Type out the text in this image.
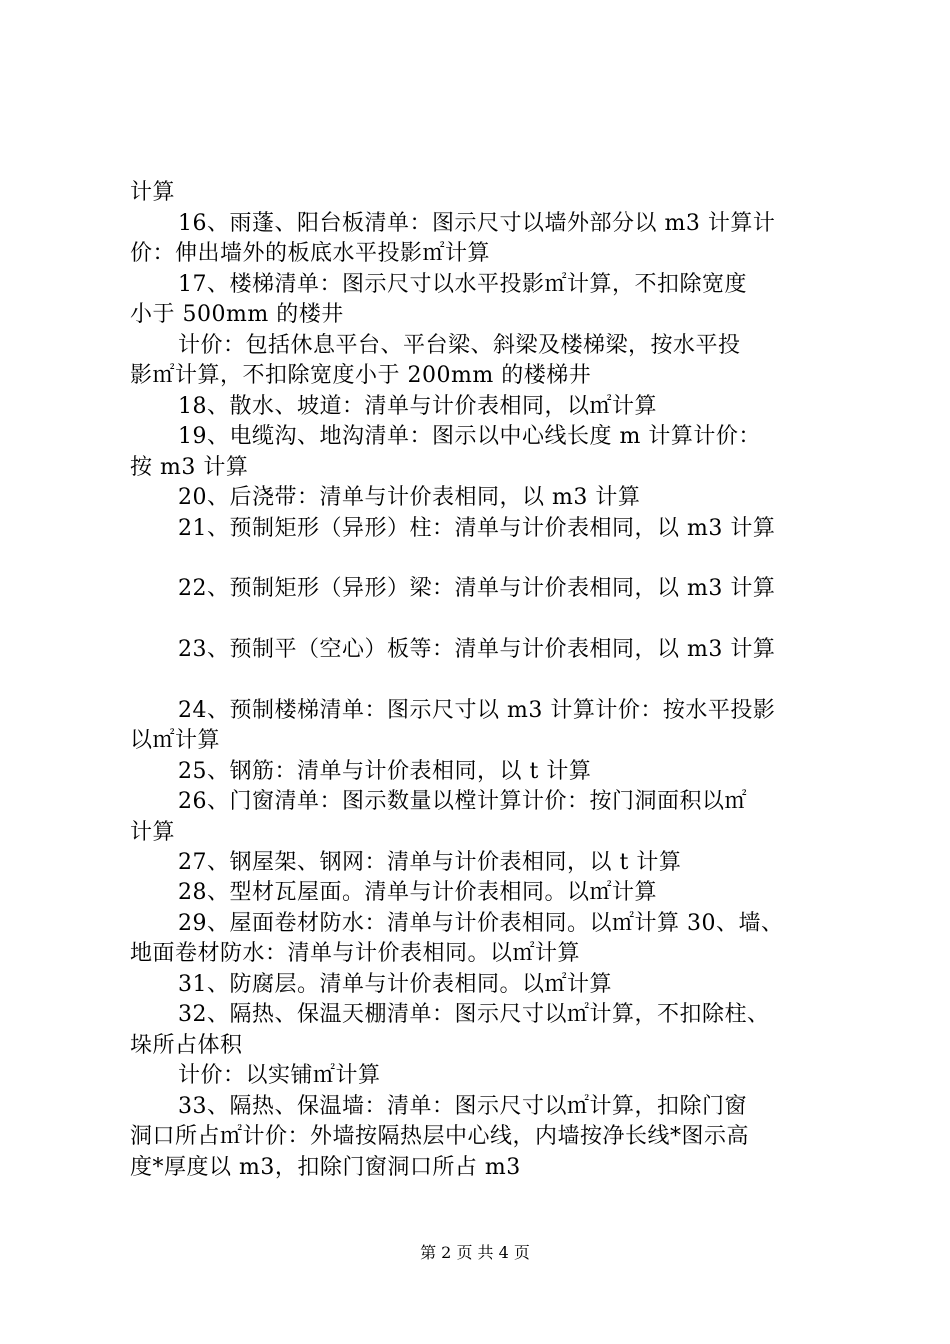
计算
16、雨蓬、阳台板清单：图示尺寸以墙外部分以 m3 计算计
价：伸出墙外的板底水平投影㎡计算
17、楼梯清单：图示尺寸以水平投影㎡计算，不扣除宽度
小于 500mm 的楼井
计价：包括休息平台、平台梁、斜梁及楼梯梁，按水平投
影㎡计算，不扣除宽度小于 200mm 的楼梯井
18、散水、坡道：清单与计价表相同，以㎡计算
19、电缆沟、地沟清单：图示以中心线长度 m 计算计价：
按 m3 计算
20、后浇带：清单与计价表相同，以 m3 计算
21、预制矩形（异形）柱：清单与计价表相同，以 m3 计算
22、预制矩形（异形）梁：清单与计价表相同，以 m3 计算
23、预制平（空心）板等：清单与计价表相同，以 m3 计算
24、预制楼梯清单：图示尺寸以 m3 计算计价：按水平投影
以㎡计算
25、钢筋：清单与计价表相同，以 t 计算
26、门窗清单：图示数量以樘计算计价：按门洞面积以㎡
计算
27、钢屋架、钢网：清单与计价表相同，以 t 计算
28、型材瓦屋面。清单与计价表相同。以㎡计算
29、屋面卷材防水：清单与计价表相同。以㎡计算 30、墙、
地面卷材防水：清单与计价表相同。以㎡计算
31、防腐层。清单与计价表相同。以㎡计算
32、隔热、保温天棚清单：图示尺寸以㎡计算，不扣除柱、
垛所占体积
计价：以实铺㎡计算
33、隔热、保温墙：清单：图示尺寸以㎡计算，扣除门窗
洞口所占㎡计价：外墙按隔热层中心线，内墙按净长线*图示高
度*厚度以 m3，扣除门窗洞口所占 m3
第 2 页 共 4 页
